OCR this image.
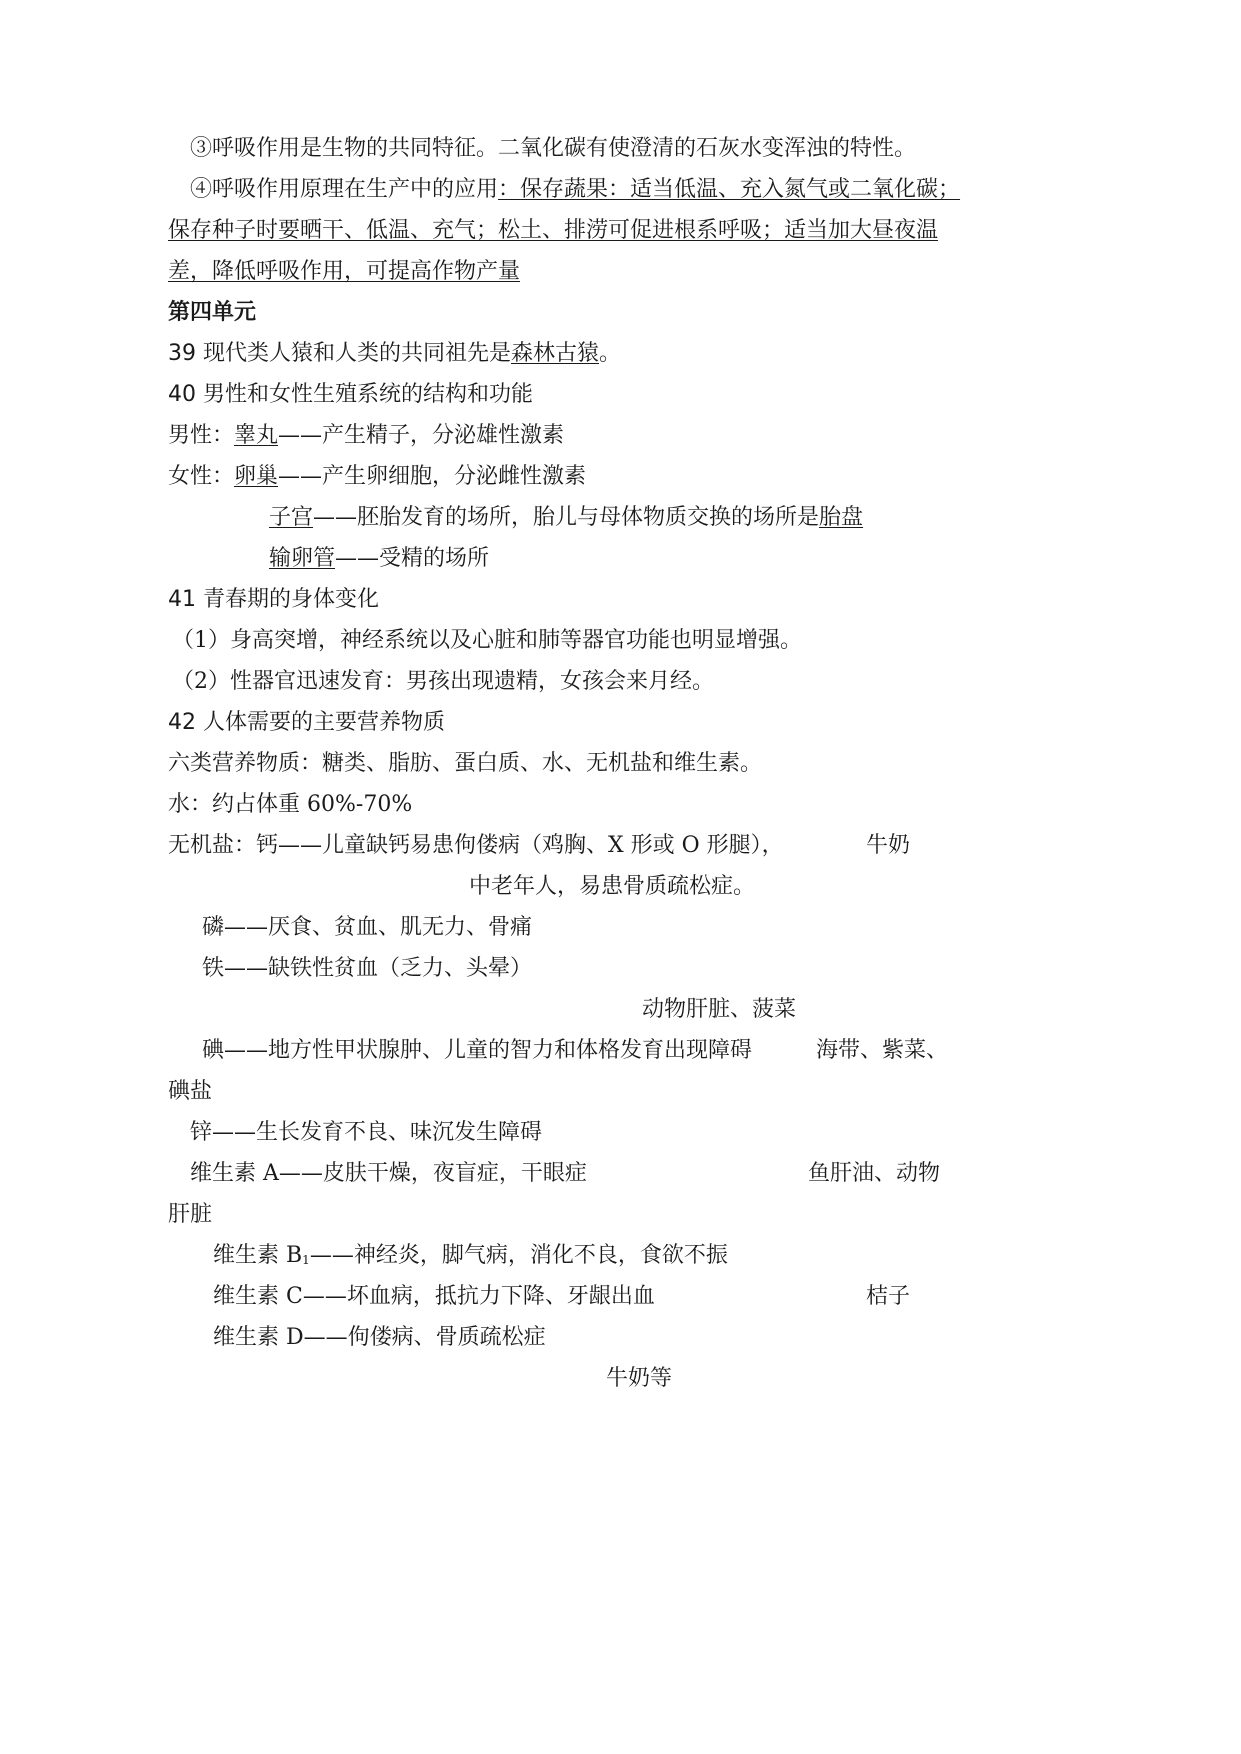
③呼吸作用是生物的共同特征。二氧化碳有使澄清的石灰水变浑浊的特性。
④呼吸作用原理在生产中的应用：保存蔬果：适当低温、充入氮气或二氧化碳；
保存种子时要晒干、低温、充气；松土、排涝可促进根系呼吸；适当加大昼夜温
差，降低呼吸作用，可提高作物产量
第四单元
39 现代类人猿和人类的共同祖先是森林古猿。
40 男性和女性生殖系统的结构和功能
男性：睾丸——产生精子，分泌雄性激素
女性：卵巢——产生卵细胞，分泌雌性激素
子宫——胚胎发育的场所，胎儿与母体物质交换的场所是胎盘
输卵管——受精的场所
41 青春期的身体变化
（1）身高突增，神经系统以及心脏和肺等器官功能也明显增强。
（2）性器官迅速发育：男孩出现遗精，女孩会来月经。
42 人体需要的主要营养物质
六类营养物质：糖类、脂肪、蛋白质、水、无机盐和维生素。
水：约占体重 60%-70%
无机盐：钙——儿童缺钙易患佝偻病（鸡胸、X 形或 O 形腿），	牛奶
中老年人，易患骨质疏松症。
磷——厌食、贫血、肌无力、骨痛
铁——缺铁性贫血（乏力、头晕）
动物肝脏、菠菜
碘——地方性甲状腺肿、儿童的智力和体格发育出现障碍	海带、紫菜、
碘盐
锌——生长发育不良、味沉发生障碍
维生素 A——皮肤干燥，夜盲症，干眼症	鱼肝油、动物
肝脏
维生素 $B_1——$神经炎，脚气病，消化不良，食欲不振
维生素 C——坏血病，抵抗力下降、牙龈出血	桔子
维生素 D——佝偻病、骨质疏松症
牛奶等
